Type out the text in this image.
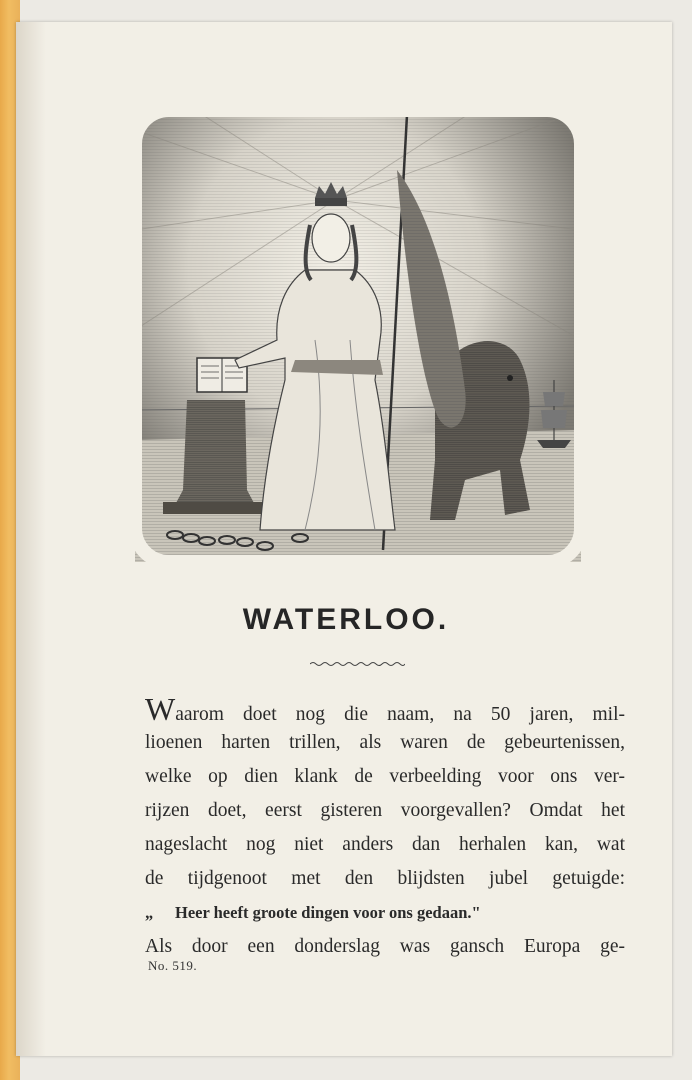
WATERLOO.
Waarom doet nog die naam, na 50 jaren, mil-
lioenen harten trillen, als waren de gebeurtenissen,
welke op dien klank de verbeelding voor ons ver-
rijzen doet, eerst gisteren voorgevallen? Omdat het
nageslacht nog niet anders dan herhalen kan, wat
de tijdgenoot met den blijdsten jubel getuigde:
„ Heer heeft groote dingen voor ons gedaan."
Als door een donderslag was gansch Europa ge-
No. 519.
